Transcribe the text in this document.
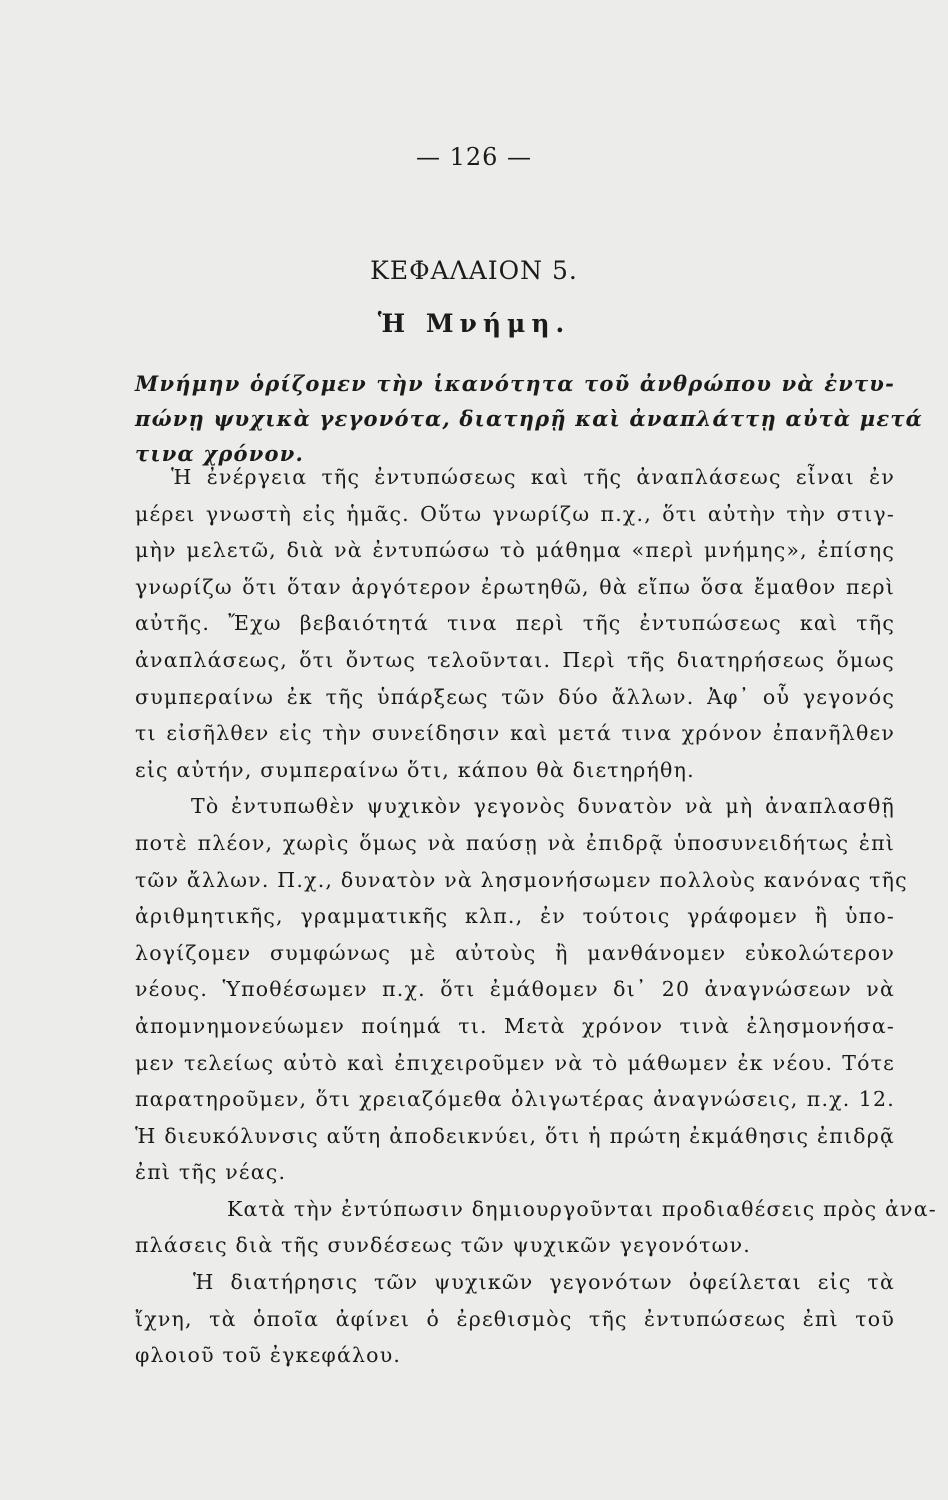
— 126 —
ΚΕΦΑΛΑΙΟΝ 5.
Ἡ Μνήμη.
Μνήμην ὁρίζομεν τὴν ἱκανότητα τοῦ ἀνθρώπου νὰ ἐντυ-
πώνῃ ψυχικὰ γεγονότα, διατηρῇ καὶ ἀναπλάττῃ αὐτὰ μετά
τινα χρόνον.
Ἡ ἐνέργεια τῆς ἐντυπώσεως καὶ τῆς ἀναπλάσεως εἶναι ἐν
μέρει γνωστὴ εἰς ἡμᾶς. Οὕτω γνωρίζω π.χ., ὅτι αὐτὴν τὴν στιγ-
μὴν μελετῶ, διὰ νὰ ἐντυπώσω τὸ μάθημα «περὶ μνήμης», ἐπίσης
γνωρίζω ὅτι ὅταν ἀργότερον ἐρωτηθῶ, θὰ εἴπω ὅσα ἔμαθον περὶ
αὐτῆς. Ἔχω βεβαιότητά τινα περὶ τῆς ἐντυπώσεως καὶ τῆς
ἀναπλάσεως, ὅτι ὄντως τελοῦνται. Περὶ τῆς διατηρήσεως ὅμως
συμπεραίνω ἐκ τῆς ὑπάρξεως τῶν δύο ἄλλων. Ἀφ᾽ οὗ γεγονός
τι εἰσῆλθεν εἰς τὴν συνείδησιν καὶ μετά τινα χρόνον ἐπανῆλθεν
εἰς αὐτήν, συμπεραίνω ὅτι, κάπου θὰ διετηρήθη.
Τὸ ἐντυπωθὲν ψυχικὸν γεγονὸς δυνατὸν νὰ μὴ ἀναπλασθῇ
ποτὲ πλέον, χωρὶς ὅμως νὰ παύσῃ νὰ ἐπιδρᾷ ὑποσυνειδήτως ἐπὶ
τῶν ἄλλων. Π.χ., δυνατὸν νὰ λησμονήσωμεν πολλοὺς κανόνας τῆς
ἀριθμητικῆς, γραμματικῆς κλπ., ἐν τούτοις γράφομεν ἢ ὑπο-
λογίζομεν συμφώνως μὲ αὐτοὺς ἢ μανθάνομεν εὐκολώτερον
νέους. Ὑποθέσωμεν π.χ. ὅτι ἐμάθομεν δι᾽ 20 ἀναγνώσεων νὰ
ἀπομνημονεύωμεν ποίημά τι. Μετὰ χρόνον τινὰ ἐλησμονήσα-
μεν τελείως αὐτὸ καὶ ἐπιχειροῦμεν νὰ τὸ μάθωμεν ἐκ νέου. Τότε
παρατηροῦμεν, ὅτι χρειαζόμεθα ὀλιγωτέρας ἀναγνώσεις, π.χ. 12.
Ἡ διευκόλυνσις αὕτη ἀποδεικνύει, ὅτι ἡ πρώτη ἐκμάθησις ἐπιδρᾷ
ἐπὶ τῆς νέας.
Κατὰ τὴν ἐντύπωσιν δημιουργοῦνται προδιαθέσεις πρὸς ἀνα-
πλάσεις διὰ τῆς συνδέσεως τῶν ψυχικῶν γεγονότων.
Ἡ διατήρησις τῶν ψυχικῶν γεγονότων ὀφείλεται εἰς τὰ
ἴχνη, τὰ ὁποῖα ἀφίνει ὁ ἐρεθισμὸς τῆς ἐντυπώσεως ἐπὶ τοῦ
φλοιοῦ τοῦ ἐγκεφάλου.
